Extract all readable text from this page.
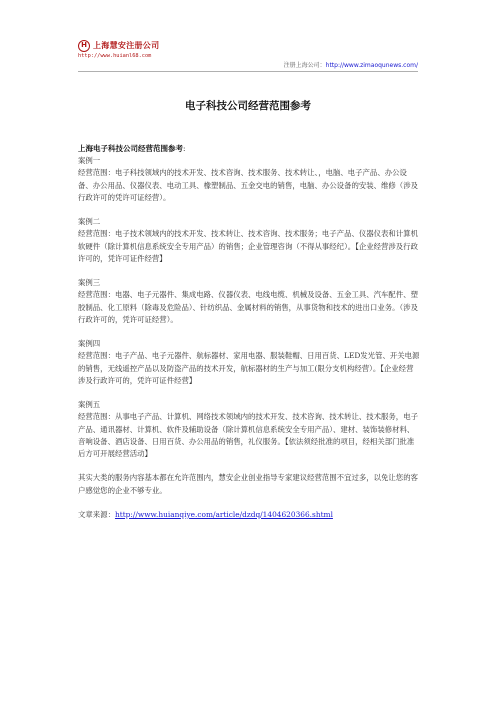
H 上海慧安注册公司
http://www.huianl68.com
注册上海公司：http://www.zimaoqunews.com/
电子科技公司经营范围参考

上海电子科技公司经营范围参考:

案例一

经营范围：电子科技领域内的技术开发、技术咨询、技术服务、技术转让、，电脑、电子产品、办公设备、办公用品、仪器仪表、电动工具、橡塑制品、五金交电的销售，电脑、办公设备的安装、维修（涉及行政许可的凭许可证经营）。

案例二

经营范围：电子技术领域内的技术开发、技术转让、技术咨询、技术服务；电子产品、仪器仪表和计算机软硬件（除计算机信息系统安全专用产品）的销售；企业管理咨询（不得从事经纪）。【企业经营涉及行政许可的，凭许可证件经营】

案例三

经营范围：电器、电子元器件、集成电路、仪器仪表、电线电缆、机械及设备、五金工具、汽车配件、塑胶制品、化工原料（除毒及危险品）、针纺织品、金属材料的销售，从事货物和技术的进出口业务。（涉及行政许可的，凭许可证经营）。

案例四

经营范围：电子产品、电子元器件、航标器材、家用电器、服装鞋帽、日用百货、LED发光管、开关电源的销售，无线遥控产品以及防盗产品的技术开发，航标器材的生产与加工(限分支机构经营）。【企业经营涉及行政许可的，凭许可证件经营】

案例五

经营范围：从事电子产品、计算机、网络技术领域内的技术开发、技术咨询、技术转让、技术服务，电子产品、通讯器材、计算机、软件及辅助设备（除计算机信息系统安全专用产品）、建材、装饰装修材料、音响设备、酒店设备、日用百货、办公用品的销售，礼仪服务。【依法须经批准的项目，经相关部门批准后方可开展经营活动】

其实大类的服务内容基本都在允许范围内，慧安企业创业指导专家建议经营范围不宜过多，以免让您的客户感觉您的企业不够专业。

文章来源：http://www.huianqiye.com/article/dzdq/1404620366.shtml
